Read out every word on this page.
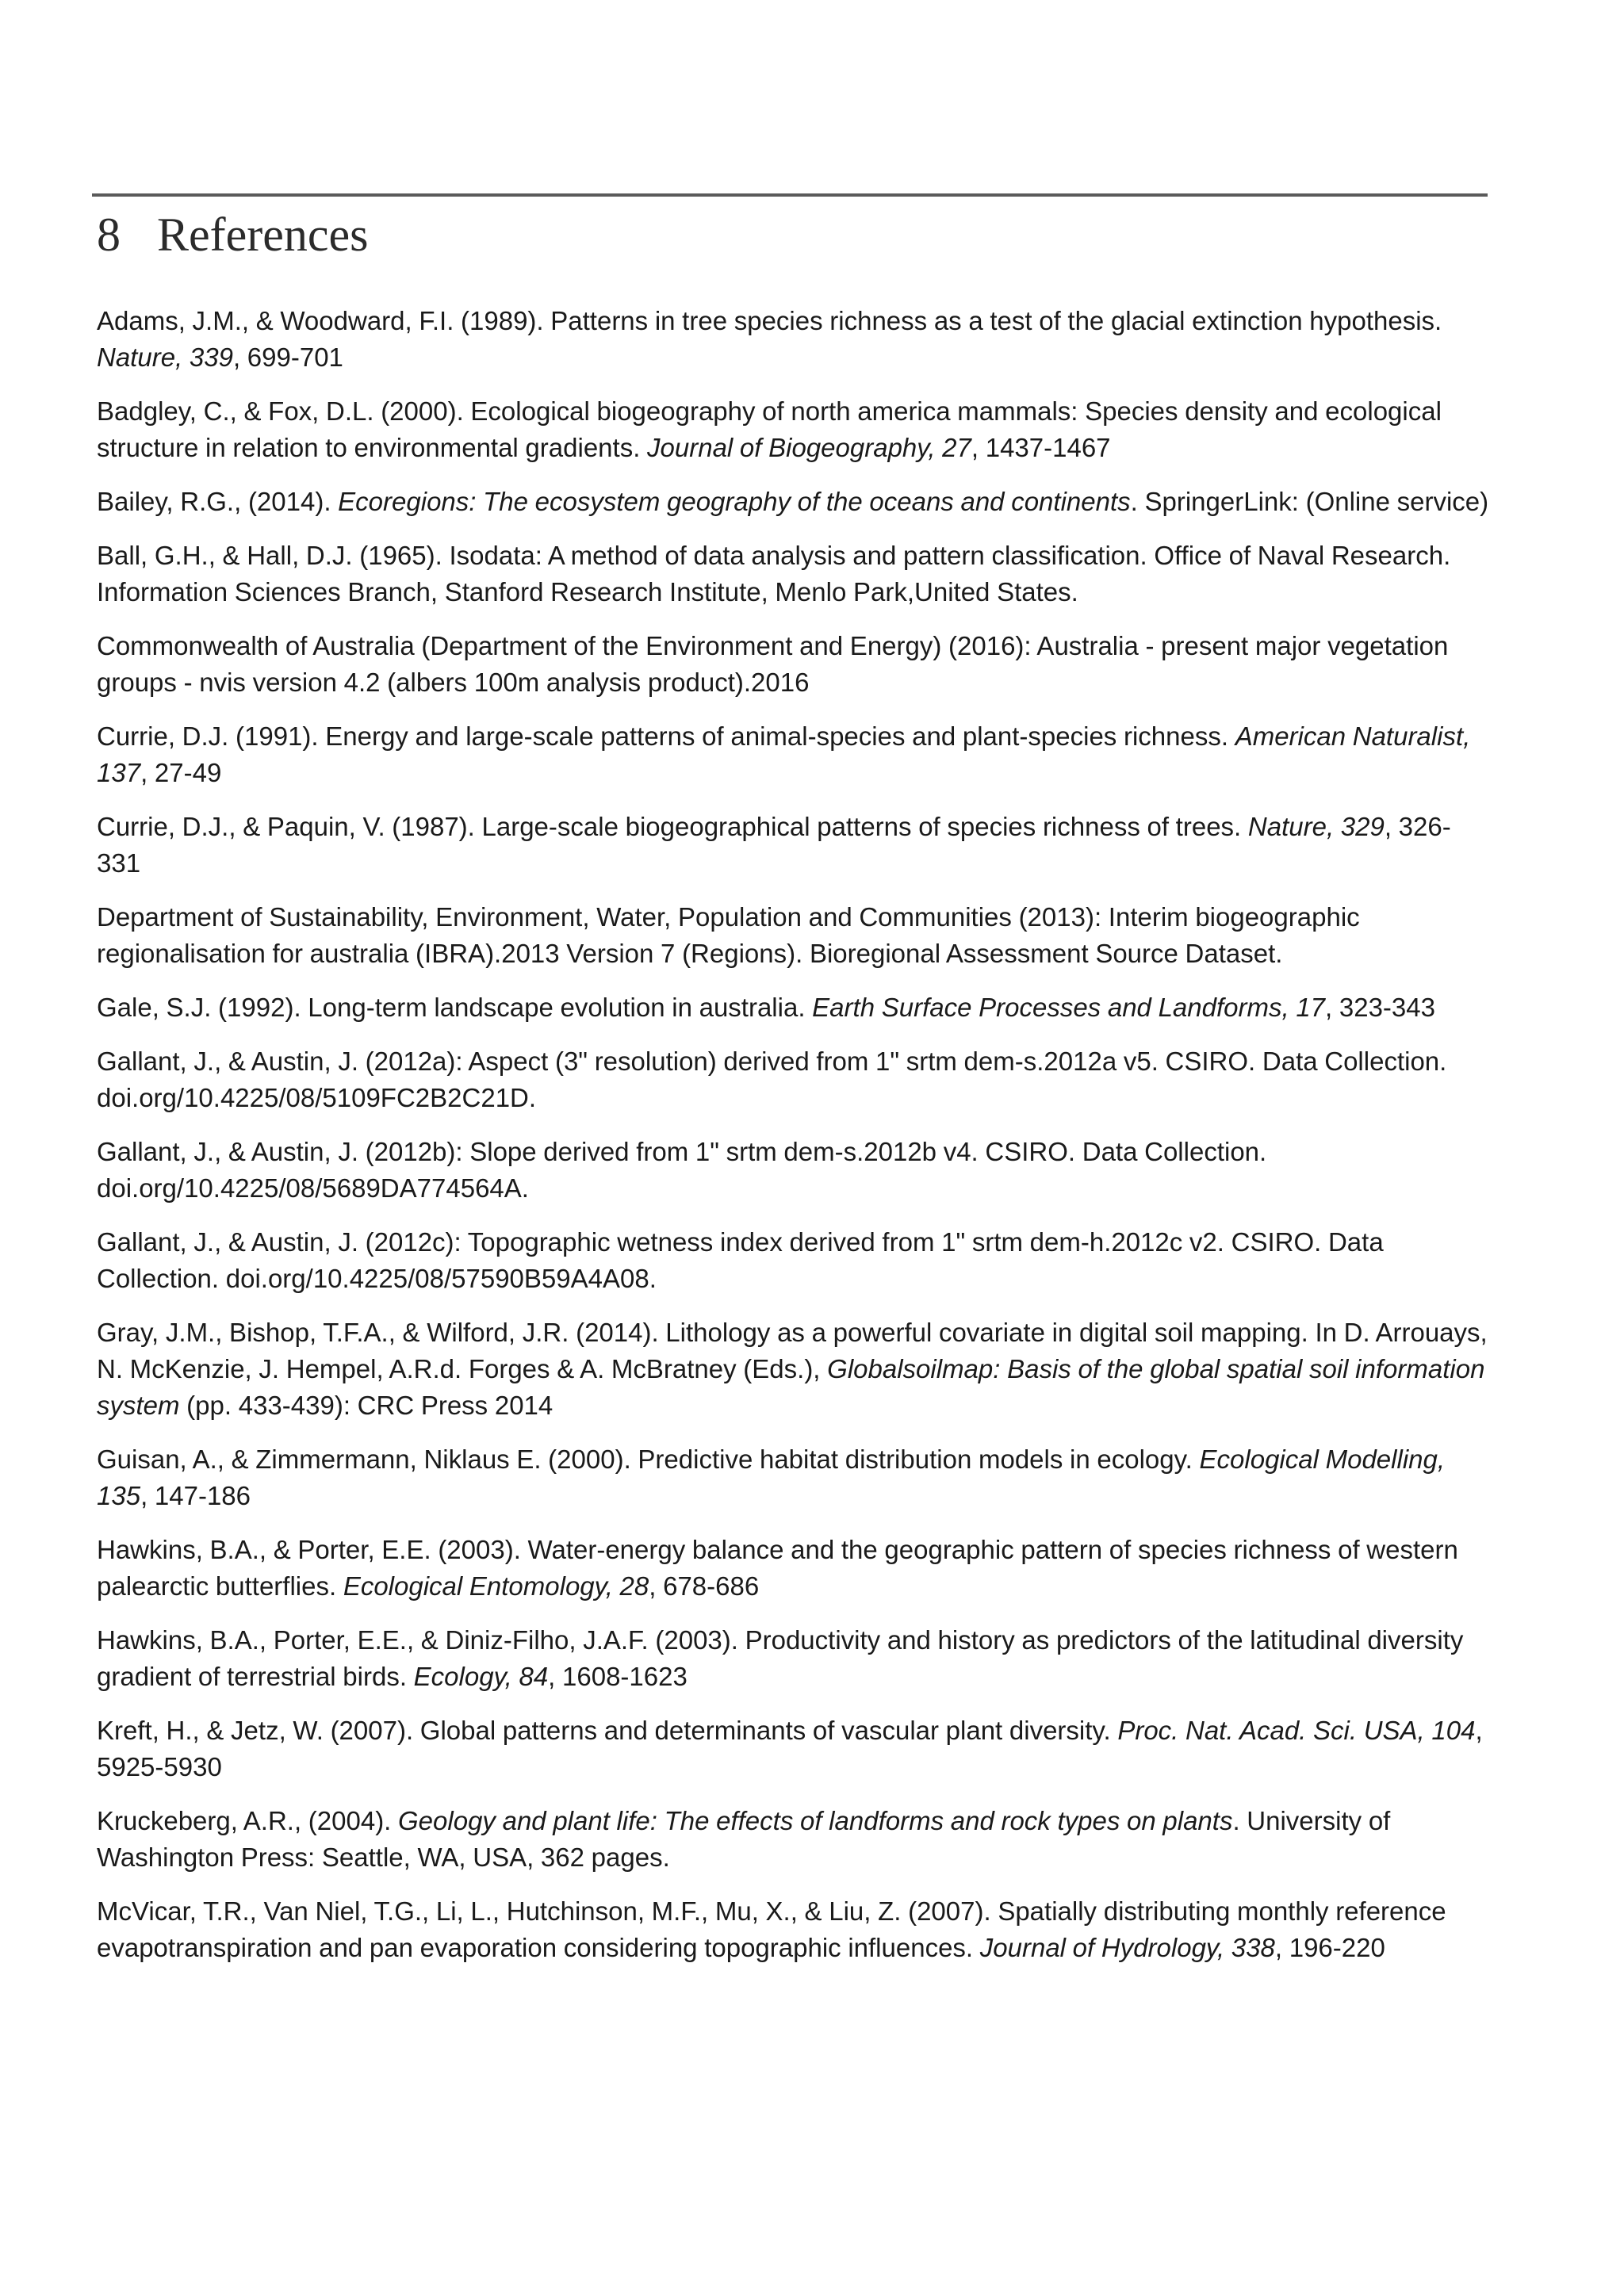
8 References
Adams, J.M., & Woodward, F.I. (1989). Patterns in tree species richness as a test of the glacial extinction hypothesis. Nature, 339, 699-701
Badgley, C., & Fox, D.L. (2000). Ecological biogeography of north america mammals: Species density and ecological structure in relation to environmental gradients. Journal of Biogeography, 27, 1437-1467
Bailey, R.G., (2014). Ecoregions: The ecosystem geography of the oceans and continents. SpringerLink: (Online service)
Ball, G.H., & Hall, D.J. (1965). Isodata: A method of data analysis and pattern classification. Office of Naval Research. Information Sciences Branch, Stanford Research Institute, Menlo Park,United States.
Commonwealth of Australia (Department of the Environment and Energy) (2016): Australia - present major vegetation groups - nvis version 4.2 (albers 100m analysis product).2016
Currie, D.J. (1991). Energy and large-scale patterns of animal-species and plant-species richness. American Naturalist, 137, 27-49
Currie, D.J., & Paquin, V. (1987). Large-scale biogeographical patterns of species richness of trees. Nature, 329, 326-331
Department of Sustainability, Environment, Water, Population and Communities (2013): Interim biogeographic regionalisation for australia (IBRA).2013 Version 7 (Regions). Bioregional Assessment Source Dataset.
Gale, S.J. (1992). Long-term landscape evolution in australia. Earth Surface Processes and Landforms, 17, 323-343
Gallant, J., & Austin, J. (2012a): Aspect (3" resolution) derived from 1" srtm dem-s.2012a v5. CSIRO. Data Collection. doi.org/10.4225/08/5109FC2B2C21D.
Gallant, J., & Austin, J. (2012b): Slope derived from 1" srtm dem-s.2012b v4. CSIRO. Data Collection. doi.org/10.4225/08/5689DA774564A.
Gallant, J., & Austin, J. (2012c): Topographic wetness index derived from 1" srtm dem-h.2012c v2. CSIRO. Data Collection. doi.org/10.4225/08/57590B59A4A08.
Gray, J.M., Bishop, T.F.A., & Wilford, J.R. (2014). Lithology as a powerful covariate in digital soil mapping. In D. Arrouays, N. McKenzie, J. Hempel, A.R.d. Forges & A. McBratney (Eds.), Globalsoilmap: Basis of the global spatial soil information system (pp. 433-439): CRC Press 2014
Guisan, A., & Zimmermann, Niklaus E. (2000). Predictive habitat distribution models in ecology. Ecological Modelling, 135, 147-186
Hawkins, B.A., & Porter, E.E. (2003). Water-energy balance and the geographic pattern of species richness of western palearctic butterflies. Ecological Entomology, 28, 678-686
Hawkins, B.A., Porter, E.E., & Diniz-Filho, J.A.F. (2003). Productivity and history as predictors of the latitudinal diversity gradient of terrestrial birds. Ecology, 84, 1608-1623
Kreft, H., & Jetz, W. (2007). Global patterns and determinants of vascular plant diversity. Proc. Nat. Acad. Sci. USA, 104, 5925-5930
Kruckeberg, A.R., (2004). Geology and plant life: The effects of landforms and rock types on plants. University of Washington Press: Seattle, WA, USA, 362 pages.
McVicar, T.R., Van Niel, T.G., Li, L., Hutchinson, M.F., Mu, X., & Liu, Z. (2007). Spatially distributing monthly reference evapotranspiration and pan evaporation considering topographic influences. Journal of Hydrology, 338, 196-220
